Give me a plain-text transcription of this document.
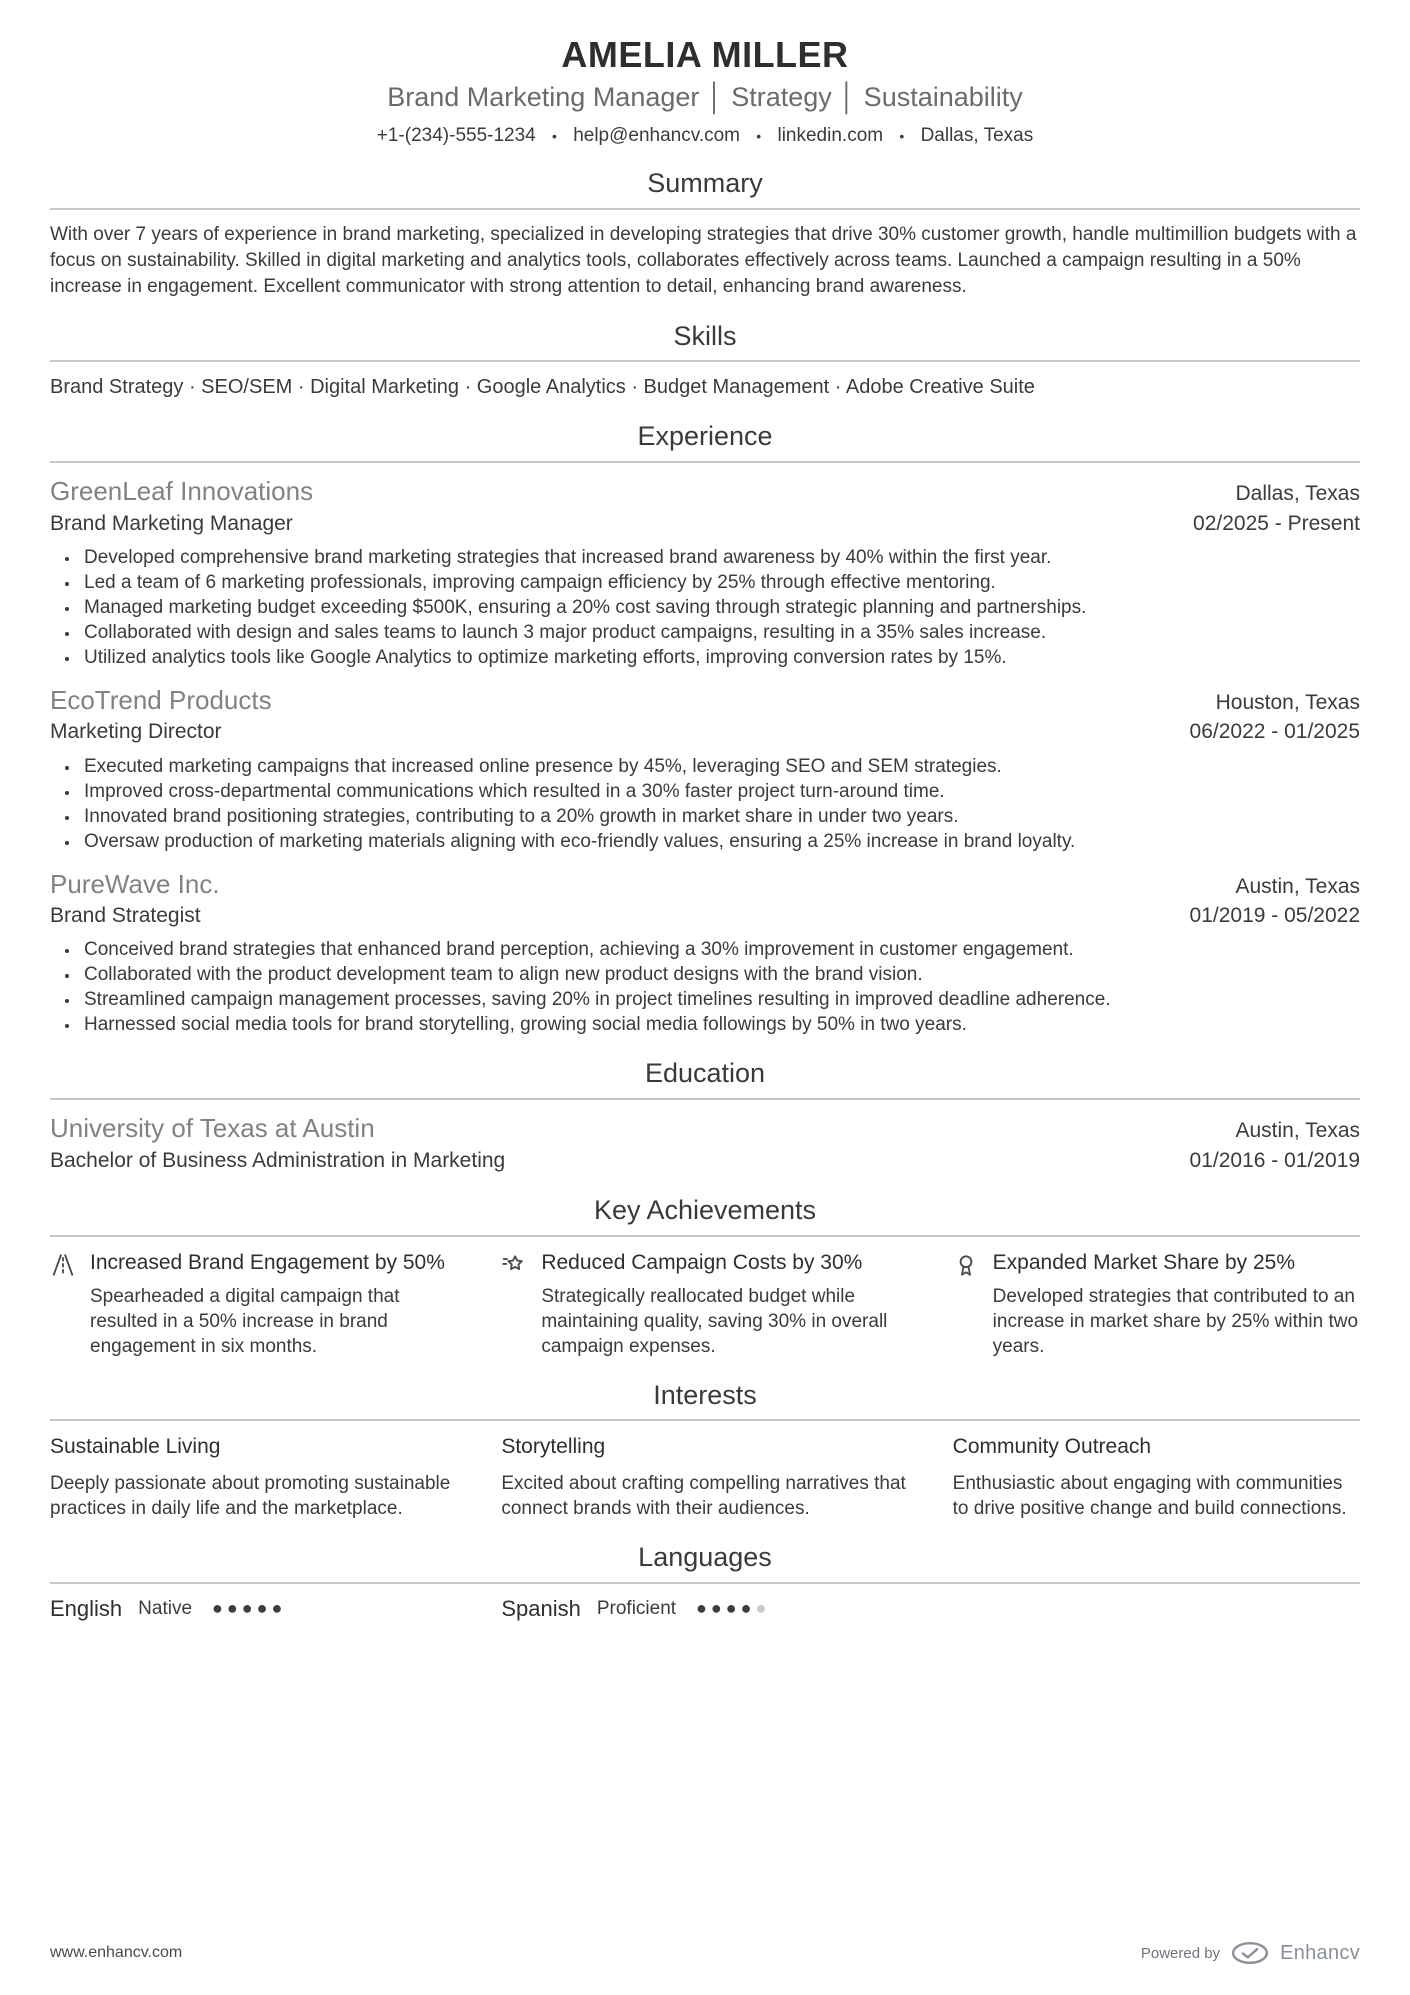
AMELIA MILLER
Brand Marketing Manager │ Strategy │ Sustainability
+1-(234)-555-1234 • help@enhancv.com • linkedin.com • Dallas, Texas
Summary

With over 7 years of experience in brand marketing, specialized in developing strategies that drive 30% customer growth, handle multimillion budgets with a focus on sustainability. Skilled in digital marketing and analytics tools, collaborates effectively across teams. Launched a campaign resulting in a 50% increase in engagement. Excellent communicator with strong attention to detail, enhancing brand awareness.

Skills

Brand Strategy · SEO/SEM · Digital Marketing · Google Analytics · Budget Management · Adobe Creative Suite

Experience
GreenLeaf Innovations	Dallas, Texas
Brand Marketing Manager	02/2025 - Present
• Developed comprehensive brand marketing strategies that increased brand awareness by 40% within the first year.
• Led a team of 6 marketing professionals, improving campaign efficiency by 25% through effective mentoring.
• Managed marketing budget exceeding $500K, ensuring a 20% cost saving through strategic planning and partnerships.
• Collaborated with design and sales teams to launch 3 major product campaigns, resulting in a 35% sales increase.
• Utilized analytics tools like Google Analytics to optimize marketing efforts, improving conversion rates by 15%.
EcoTrend Products	Houston, Texas
Marketing Director	06/2022 - 01/2025
• Executed marketing campaigns that increased online presence by 45%, leveraging SEO and SEM strategies.
• Improved cross-departmental communications which resulted in a 30% faster project turn-around time.
• Innovated brand positioning strategies, contributing to a 20% growth in market share in under two years.
• Oversaw production of marketing materials aligning with eco-friendly values, ensuring a 25% increase in brand loyalty.
PureWave Inc.	Austin, Texas
Brand Strategist	01/2019 - 05/2022
• Conceived brand strategies that enhanced brand perception, achieving a 30% improvement in customer engagement.
• Collaborated with the product development team to align new product designs with the brand vision.
• Streamlined campaign management processes, saving 20% in project timelines resulting in improved deadline adherence.
• Harnessed social media tools for brand storytelling, growing social media followings by 50% in two years.
Education
University of Texas at Austin	Austin, Texas
Bachelor of Business Administration in Marketing	01/2016 - 01/2019
Key Achievements
Increased Brand Engagement by 50%
Spearheaded a digital campaign that resulted in a 50% increase in brand engagement in six months.
Reduced Campaign Costs by 30%
Strategically reallocated budget while maintaining quality, saving 30% in overall campaign expenses.
Expanded Market Share by 25%
Developed strategies that contributed to an increase in market share by 25% within two years.
Interests
Sustainable Living
Deeply passionate about promoting sustainable practices in daily life and the marketplace.
Storytelling
Excited about crafting compelling narratives that connect brands with their audiences.
Community Outreach
Enthusiastic about engaging with communities to drive positive change and build connections.
Languages
English Native ●●●●●	Spanish Proficient ●●●●●
www.enhancv.com	Powered by	Enhancv
